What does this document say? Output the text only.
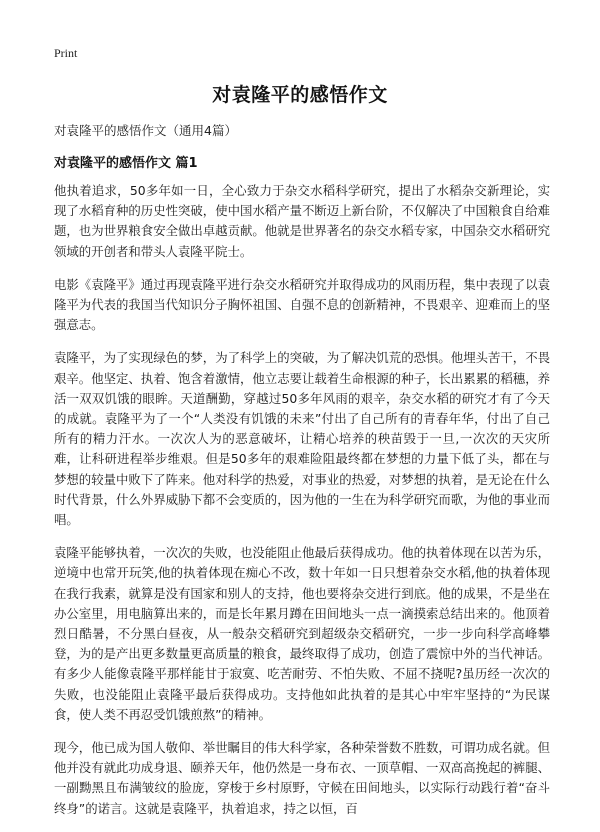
Print
对袁隆平的感悟作文
对袁隆平的感悟作文（通用4篇）
对袁隆平的感悟作文 篇1

他执着追求，50多年如一日，全心致力于杂交水稻科学研究，提出了水稻杂交新理论，实现了水稻育种的历史性突破，使中国水稻产量不断迈上新台阶，不仅解决了中国粮食自给难题，也为世界粮食安全做出卓越贡献。他就是世界著名的杂交水稻专家，中国杂交水稻研究领域的开创者和带头人袁隆平院士。

电影《袁隆平》通过再现袁隆平进行杂交水稻研究并取得成功的风雨历程，集中表现了以袁隆平为代表的我国当代知识分子胸怀祖国、自强不息的创新精神，不畏艰辛、迎难而上的坚强意志。

袁隆平，为了实现绿色的梦，为了科学上的突破，为了解决饥荒的恐惧。他埋头苦干，不畏艰辛。他坚定、执着、饱含着激情，他立志要让载着生命根源的种子，长出累累的稻穗，养活一双双饥饿的眼眸。天道酬勤，穿越过50多年风雨的艰辛，杂交水稻的研究才有了今天的成就。袁隆平为了一个“人类没有饥饿的未来”付出了自己所有的青春年华，付出了自己所有的精力汗水。一次次人为的恶意破坏，让精心培养的秧苗毁于一旦,一次次的天灾所难，让科研进程举步维艰。但是50多年的艰难险阻最终都在梦想的力量下低了头，都在与梦想的较量中败下了阵来。他对科学的热爱，对事业的热爱，对梦想的执着，是无论在什么时代背景，什么外界威胁下都不会变质的，因为他的一生在为科学研究而歌，为他的事业而唱。

袁隆平能够执着，一次次的失败，也没能阻止他最后获得成功。他的执着体现在以苦为乐，逆境中也常开玩笑,他的执着体现在痴心不改，数十年如一日只想着杂交水稻,他的执着体现在我行我素，就算是没有国家和别人的支持，他也要将杂交进行到底。他的成果，不是坐在办公室里，用电脑算出来的，而是长年累月蹲在田间地头一点一滴摸索总结出来的。他顶着烈日酷暑，不分黑白昼夜，从一般杂交稻研究到超级杂交稻研究，一步一步向科学高峰攀登，为的是产出更多数量更高质量的粮食，最终取得了成功，创造了震惊中外的当代神话。有多少人能像袁隆平那样能甘于寂寞、吃苦耐劳、不怕失败、不屈不挠呢?虽历经一次次的失败，也没能阻止袁隆平最后获得成功。支持他如此执着的是其心中牢牢坚持的“为民谋食，使人类不再忍受饥饿煎熬”的精神。

现今，他已成为国人敬仰、举世瞩目的伟大科学家，各种荣誉数不胜数，可谓功成名就。但他并没有就此功成身退、颐养天年，他仍然是一身布衣、一顶草帽、一双高高挽起的裤腿、一副黝黑且布满皱纹的脸庞，穿梭于乡村原野，守候在田间地头，以实际行动践行着“奋斗终身”的诺言。这就是袁隆平，执着追求，持之以恒，百
